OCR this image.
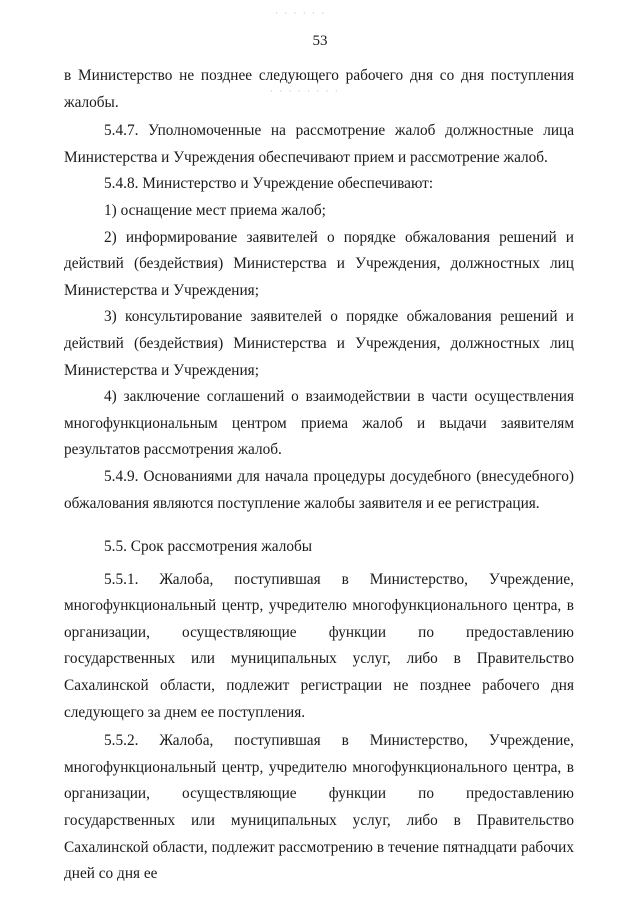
· · · · · ·
· · · · · · · ·
53

в Министерство не позднее следующего рабочего дня со дня поступления жалобы.

5.4.7. Уполномоченные на рассмотрение жалоб должностные лица Министерства и Учреждения обеспечивают прием и рассмотрение жалоб.

5.4.8. Министерство и Учреждение обеспечивают:

1) оснащение мест приема жалоб;

2) информирование заявителей о порядке обжалования решений и действий (бездействия) Министерства и Учреждения, должностных лиц Министерства и Учреждения;

3) консультирование заявителей о порядке обжалования решений и действий (бездействия) Министерства и Учреждения, должностных лиц Министерства и Учреждения;

4) заключение соглашений о взаимодействии в части осуществления многофункциональным центром приема жалоб и выдачи заявителям результатов рассмотрения жалоб.

5.4.9. Основаниями для начала процедуры досудебного (внесудебного) обжалования являются поступление жалобы заявителя и ее регистрация.

5.5. Срок рассмотрения жалобы

5.5.1. Жалоба, поступившая в Министерство, Учреждение, многофункциональный центр, учредителю многофункционального центра, в организации, осуществляющие функции по предоставлению государственных или муниципальных услуг, либо в Правительство Сахалинской области, подлежит регистрации не позднее рабочего дня следующего за днем ее поступления.

5.5.2. Жалоба, поступившая в Министерство, Учреждение, многофункциональный центр, учредителю многофункционального центра, в организации, осуществляющие функции по предоставлению государственных или муниципальных услуг, либо в Правительство Сахалинской области, подлежит рассмотрению в течение пятнадцати рабочих дней со дня ее
